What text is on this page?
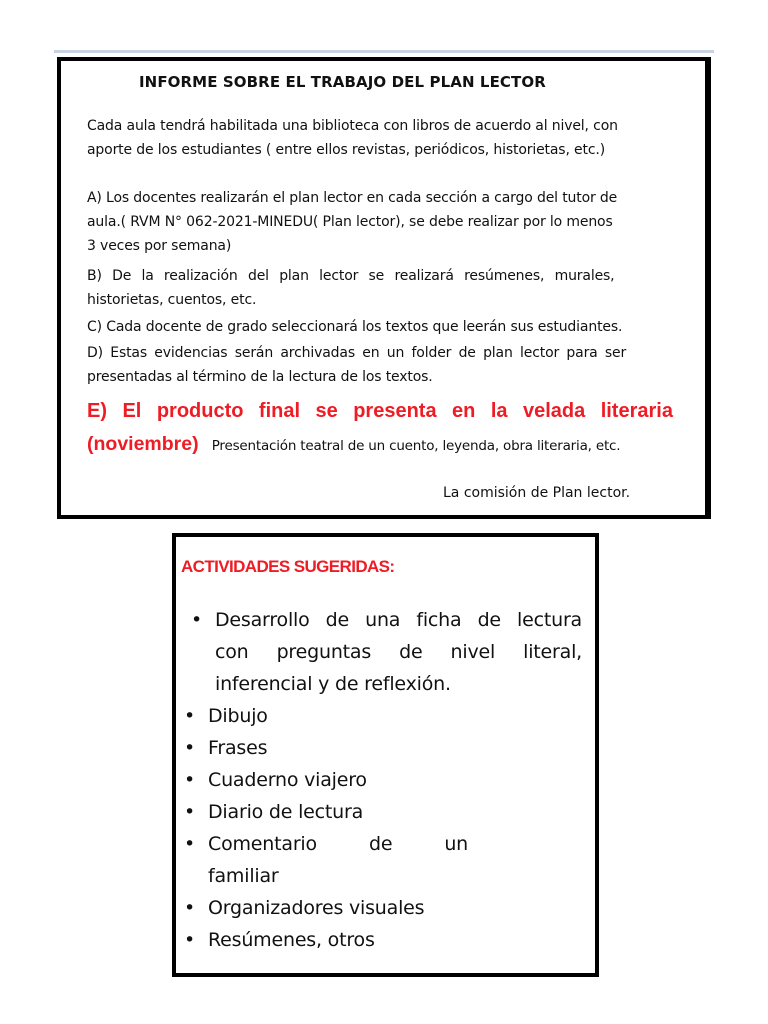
INFORME SOBRE EL TRABAJO DEL PLAN LECTOR
Cada aula tendrá habilitada una biblioteca con libros de acuerdo al nivel, con
aporte de los estudiantes ( entre ellos revistas, periódicos, historietas, etc.)
A) Los docentes realizarán el plan lector en cada sección a cargo del tutor de
aula.( RVM N° 062-2021-MINEDU( Plan lector), se debe realizar por lo menos
3 veces por semana)
B) De la realización del plan lector se realizará resúmenes, murales,
historietas, cuentos, etc.
C) Cada docente de grado seleccionará los textos que leerán sus estudiantes.
D) Estas evidencias serán archivadas en un folder de plan lector para ser
presentadas al término de la lectura de los textos.
E) El producto final se presenta en la velada literaria
(noviembre) Presentación teatral de un cuento, leyenda, obra literaria, etc.
La comisión de Plan lector.
ACTIVIDADES SUGERIDAS:
• Desarrollo de una ficha de lectura
con preguntas de nivel literal,
inferencial y de reflexión.
• Dibujo
• Frases
• Cuaderno viajero
• Diario de lectura
• Comentario	de	un
familiar
• Organizadores visuales
• Resúmenes, otros
